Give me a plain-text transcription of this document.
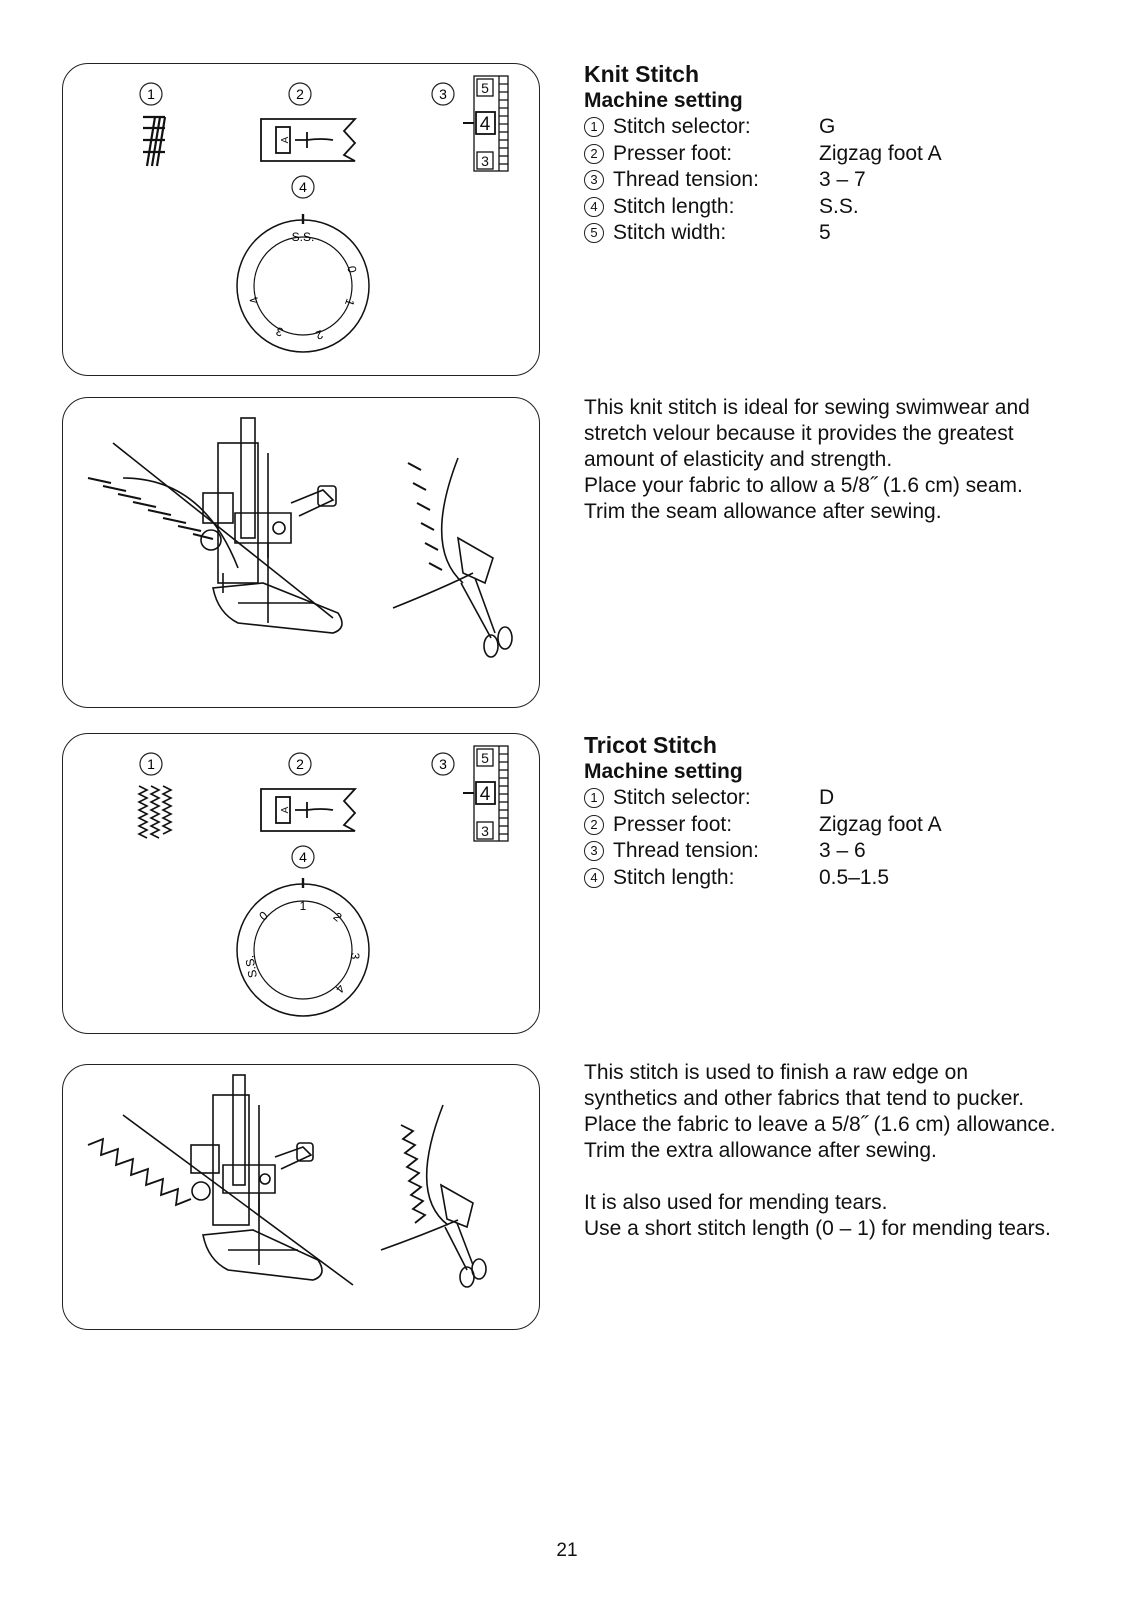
1	2	3
4
A
5
4
3
S.S.
0
1
2
3
4
Knit Stitch
Machine setting
1 Stitch selector:	G
2 Presser foot:	Zigzag foot A
3 Thread tension:	3 – 7
4 Stitch length:	S.S.
5 Stitch width:	5

This knit stitch is ideal for sewing swimwear and

stretch velour because it provides the greatest

amount of elasticity and strength.

Place your fabric to allow a 5/8˝ (1.6 cm) seam.

Trim the seam allowance after sewing.

1	2	3
4
A
5
4
3
0
1
2
3
4
S.S.
Tricot Stitch
Machine setting
1 Stitch selector:	D
2 Presser foot:	Zigzag foot A
3 Thread tension:	3 – 6
4 Stitch length:	0.5–1.5

This stitch is used to finish a raw edge on

synthetics and other fabrics that tend to pucker.

Place the fabric to leave a 5/8˝ (1.6 cm) allowance.

Trim the extra allowance after sewing.

It is also used for mending tears.

Use a short stitch length (0 – 1) for mending tears.

21
